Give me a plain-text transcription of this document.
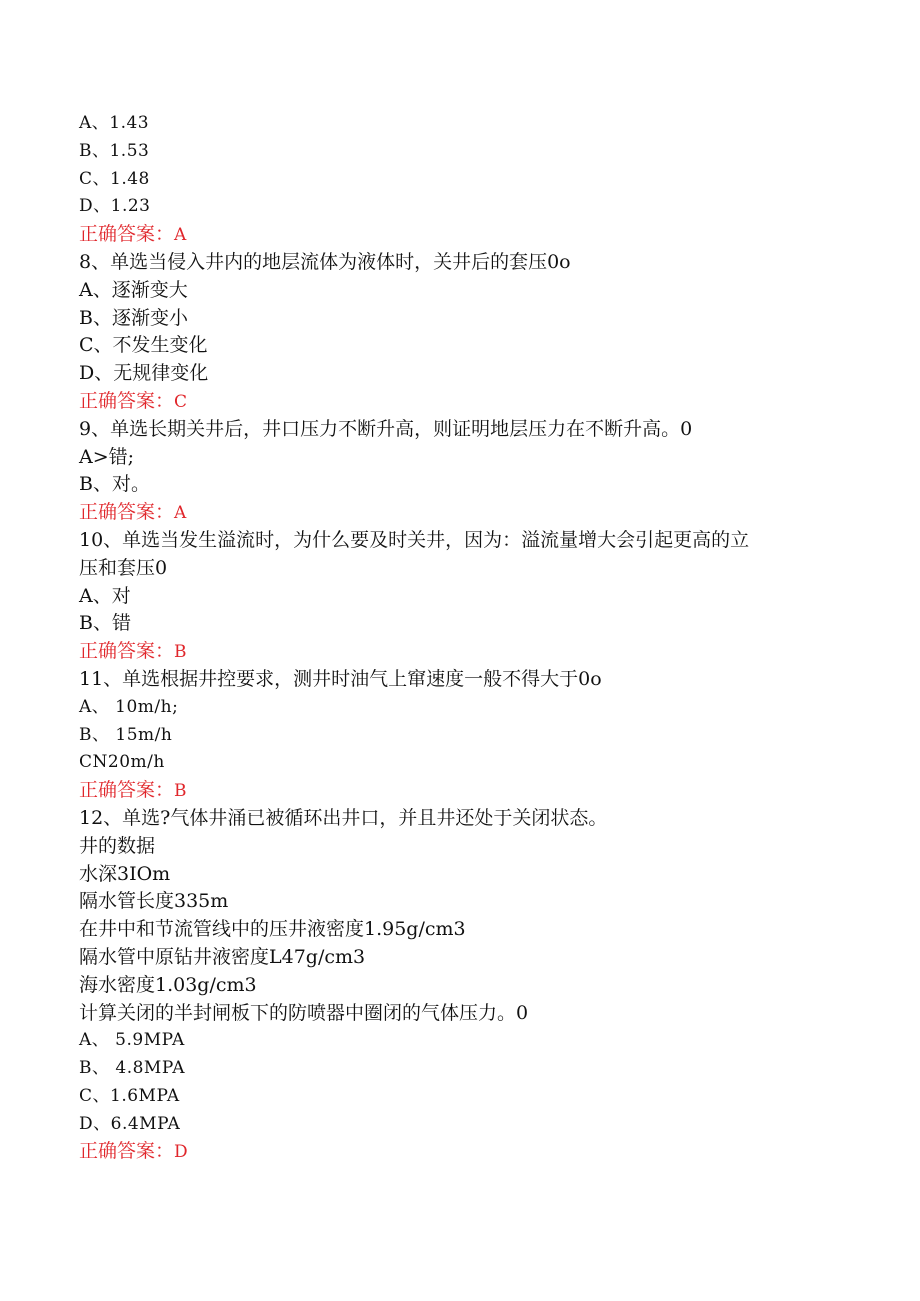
A、1.43
B、1.53
C、1.48
D、1.23
正确答案：A
8、单选当侵入井内的地层流体为液体时，关井后的套压0o
A、逐渐变大
B、逐渐变小
C、不发生变化
D、无规律变化
正确答案：C
9、单选长期关井后，井口压力不断升高，则证明地层压力在不断升高。0
A>错;
B、对。
正确答案：A
10、单选当发生溢流时，为什么要及时关井，因为：溢流量增大会引起更高的立
压和套压0
A、对
B、错
正确答案：B
11、单选根据井控要求，测井时油气上窜速度一般不得大于0o
A、 10m/h;
B、 15m/h
CN20m/h
正确答案：B
12、单选?气体井涌已被循环出井口，并且井还处于关闭状态。
井的数据
水深3IOm
隔水管长度335m
在井中和节流管线中的压井液密度1.95g/cm3
隔水管中原钻井液密度L47g/cm3
海水密度1.03g/cm3
计算关闭的半封闸板下的防喷器中圈闭的气体压力。0
A、 5.9MPA
B、 4.8MPA
C、1.6MPA
D、6.4MPA
正确答案：D
